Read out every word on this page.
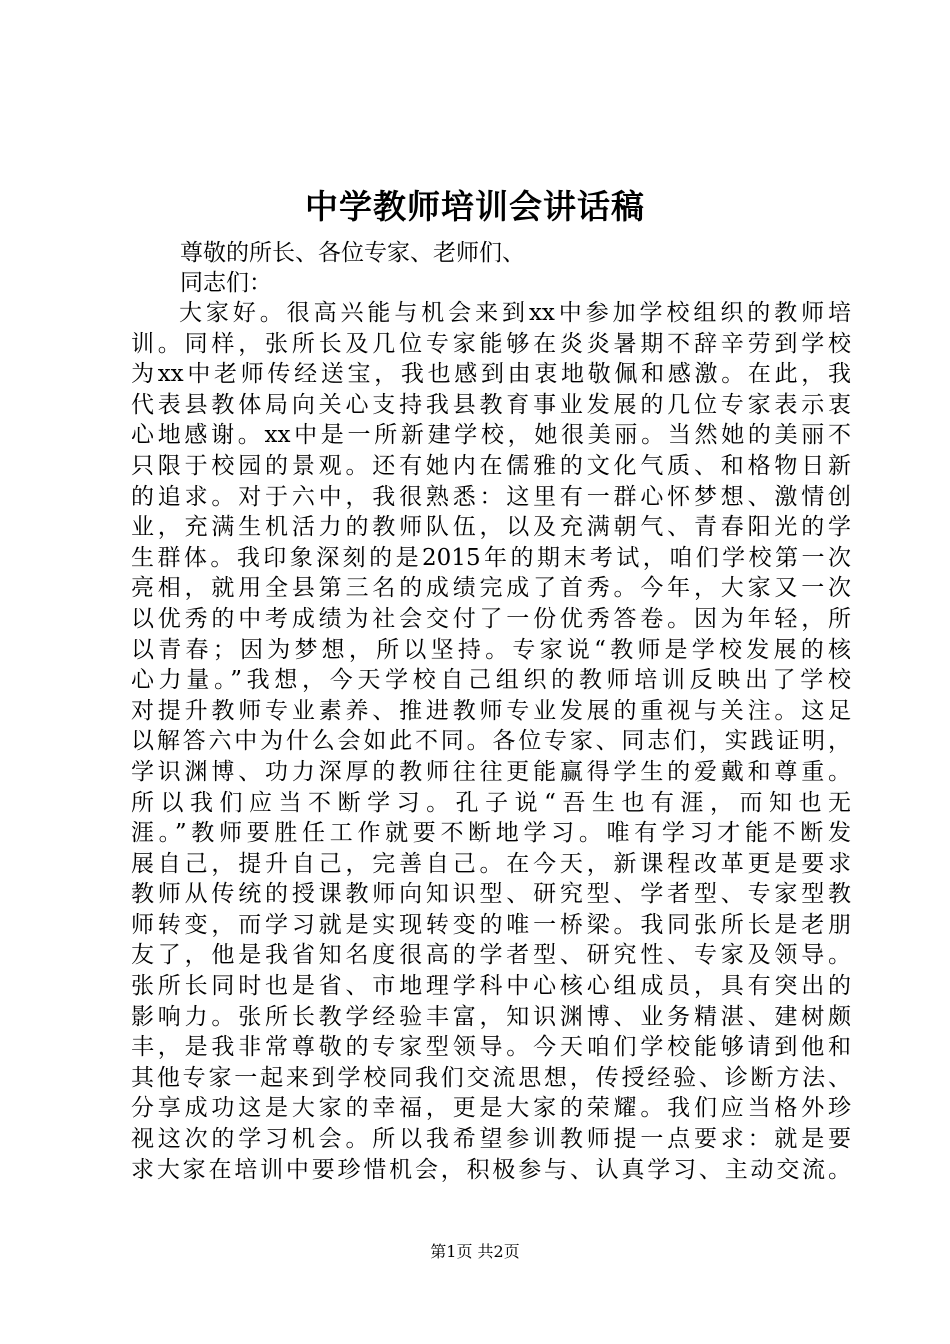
中学教师培训会讲话稿
尊敬的所长、各位专家、老师们、
同志们：
大家好。很高兴能与机会来到xx中参加学校组织的教师培
训。同样，张所长及几位专家能够在炎炎暑期不辞辛劳到学校
为xx中老师传经送宝，我也感到由衷地敬佩和感激。在此，我
代表县教体局向关心支持我县教育事业发展的几位专家表示衷
心地感谢。xx中是一所新建学校，她很美丽。当然她的美丽不
只限于校园的景观。还有她内在儒雅的文化气质、和格物日新
的追求。对于六中，我很熟悉：这里有一群心怀梦想、激情创
业，充满生机活力的教师队伍，以及充满朝气、青春阳光的学
生群体。我印象深刻的是2015年的期末考试，咱们学校第一次
亮相，就用全县第三名的成绩完成了首秀。今年，大家又一次
以优秀的中考成绩为社会交付了一份优秀答卷。因为年轻，所
以青春；因为梦想，所以坚持。专家说“教师是学校发展的核
心力量。”我想，今天学校自己组织的教师培训反映出了学校
对提升教师专业素养、推进教师专业发展的重视与关注。这足
以解答六中为什么会如此不同。各位专家、同志们，实践证明，
学识渊博、功力深厚的教师往往更能赢得学生的爱戴和尊重。
所以我们应当不断学习。孔子说“吾生也有涯，而知也无
涯。”教师要胜任工作就要不断地学习。唯有学习才能不断发
展自己，提升自己，完善自己。在今天，新课程改革更是要求
教师从传统的授课教师向知识型、研究型、学者型、专家型教
师转变，而学习就是实现转变的唯一桥梁。我同张所长是老朋
友了，他是我省知名度很高的学者型、研究性、专家及领导。
张所长同时也是省、市地理学科中心核心组成员，具有突出的
影响力。张所长教学经验丰富，知识渊博、业务精湛、建树颇
丰，是我非常尊敬的专家型领导。今天咱们学校能够请到他和
其他专家一起来到学校同我们交流思想，传授经验、诊断方法、
分享成功这是大家的幸福，更是大家的荣耀。我们应当格外珍
视这次的学习机会。所以我希望参训教师提一点要求：就是要
求大家在培训中要珍惜机会，积极参与、认真学习、主动交流。
第1页 共2页
